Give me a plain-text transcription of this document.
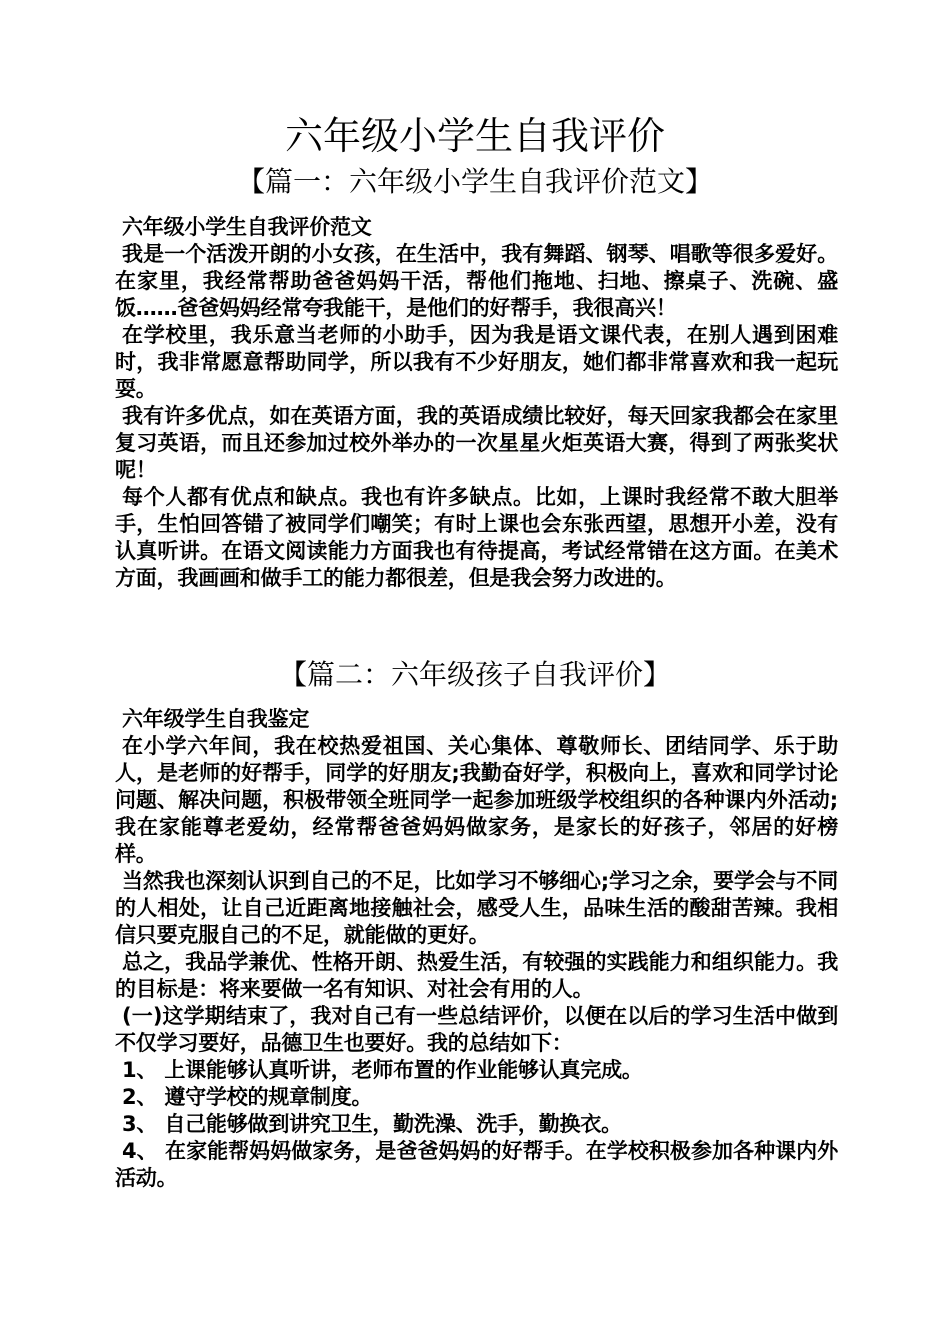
六年级小学生自我评价
【篇一：六年级小学生自我评价范文】

六年级小学生自我评价范文

我是一个活泼开朗的小女孩，在生活中，我有舞蹈、钢琴、唱歌等很多爱好。在家里，我经常帮助爸爸妈妈干活，帮他们拖地、扫地、擦桌子、洗碗、盛饭……爸爸妈妈经常夸我能干，是他们的好帮手，我很高兴！

在学校里，我乐意当老师的小助手，因为我是语文课代表，在别人遇到困难时，我非常愿意帮助同学，所以我有不少好朋友，她们都非常喜欢和我一起玩耍。

我有许多优点，如在英语方面，我的英语成绩比较好，每天回家我都会在家里复习英语，而且还参加过校外举办的一次星星火炬英语大赛，得到了两张奖状呢！

每个人都有优点和缺点。我也有许多缺点。比如，上课时我经常不敢大胆举手，生怕回答错了被同学们嘲笑；有时上课也会东张西望，思想开小差，没有认真听讲。在语文阅读能力方面我也有待提高，考试经常错在这方面。在美术方面，我画画和做手工的能力都很差，但是我会努力改进的。

【篇二：六年级孩子自我评价】

六年级学生自我鉴定

在小学六年间，我在校热爱祖国、关心集体、尊敬师长、团结同学、乐于助人，是老师的好帮手，同学的好朋友;我勤奋好学，积极向上，喜欢和同学讨论问题、解决问题，积极带领全班同学一起参加班级学校组织的各种课内外活动;我在家能尊老爱幼，经常帮爸爸妈妈做家务，是家长的好孩子，邻居的好榜样。

当然我也深刻认识到自己的不足，比如学习不够细心;学习之余，要学会与不同的人相处，让自己近距离地接触社会，感受人生，品味生活的酸甜苦辣。我相信只要克服自己的不足，就能做的更好。

总之，我品学兼优、性格开朗、热爱生活，有较强的实践能力和组织能力。我的目标是：将来要做一名有知识、对社会有用的人。

(一)这学期结束了，我对自己有一些总结评价，以便在以后的学习生活中做到不仅学习要好，品德卫生也要好。我的总结如下：

1、 上课能够认真听讲，老师布置的作业能够认真完成。

2、 遵守学校的规章制度。

3、 自己能够做到讲究卫生，勤洗澡、洗手，勤换衣。

4、 在家能帮妈妈做家务，是爸爸妈妈的好帮手。在学校积极参加各种课内外活动。
